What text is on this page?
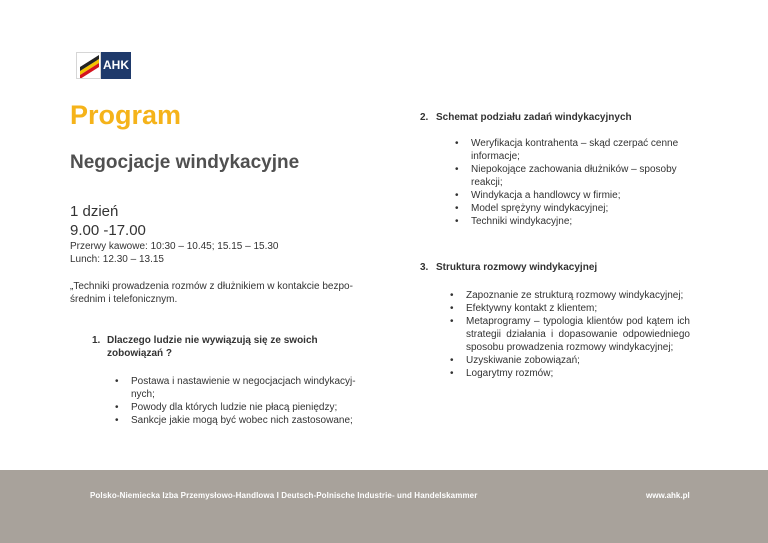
AHK
Program
Negocjacje windykacyjne
1 dzień
9.00 -17.00
Przerwy kawowe: 10:30 – 10.45; 15.15 – 15.30
Lunch: 12.30 – 13.15
„Techniki prowadzenia rozmów z dłużnikiem w kontakcie bezpo-
średnim i telefonicznym.
1. Dlaczego ludzie nie wywiązują się ze swoich
zobowiązań ?
• Postawa i nastawienie w negocjacjach windykacyj-nych;
• Powody dla których ludzie nie płacą pieniędzy;
• Sankcje jakie mogą być wobec nich zastosowane;
2. Schemat podziału zadań windykacyjnych
• Weryfikacja kontrahenta – skąd czerpać cenne informacje;
• Niepokojące zachowania dłużników – sposoby reakcji;
• Windykacja a handlowcy w firmie;
• Model sprężyny windykacyjnej;
• Techniki windykacyjne;
3. Struktura rozmowy windykacyjnej
• Zapoznanie ze strukturą rozmowy windykacyjnej;
• Efektywny kontakt z klientem;
• Metaprogramy – typologia klientów pod kątem ich strategii działania i dopasowanie odpowiedniego sposobu prowadzenia rozmowy windykacyjnej;
• Uzyskiwanie zobowiązań;
• Logarytmy rozmów;
Polsko-Niemiecka Izba Przemysłowo-Handlowa I Deutsch-Polnische Industrie- und Handelskammer	www.ahk.pl
